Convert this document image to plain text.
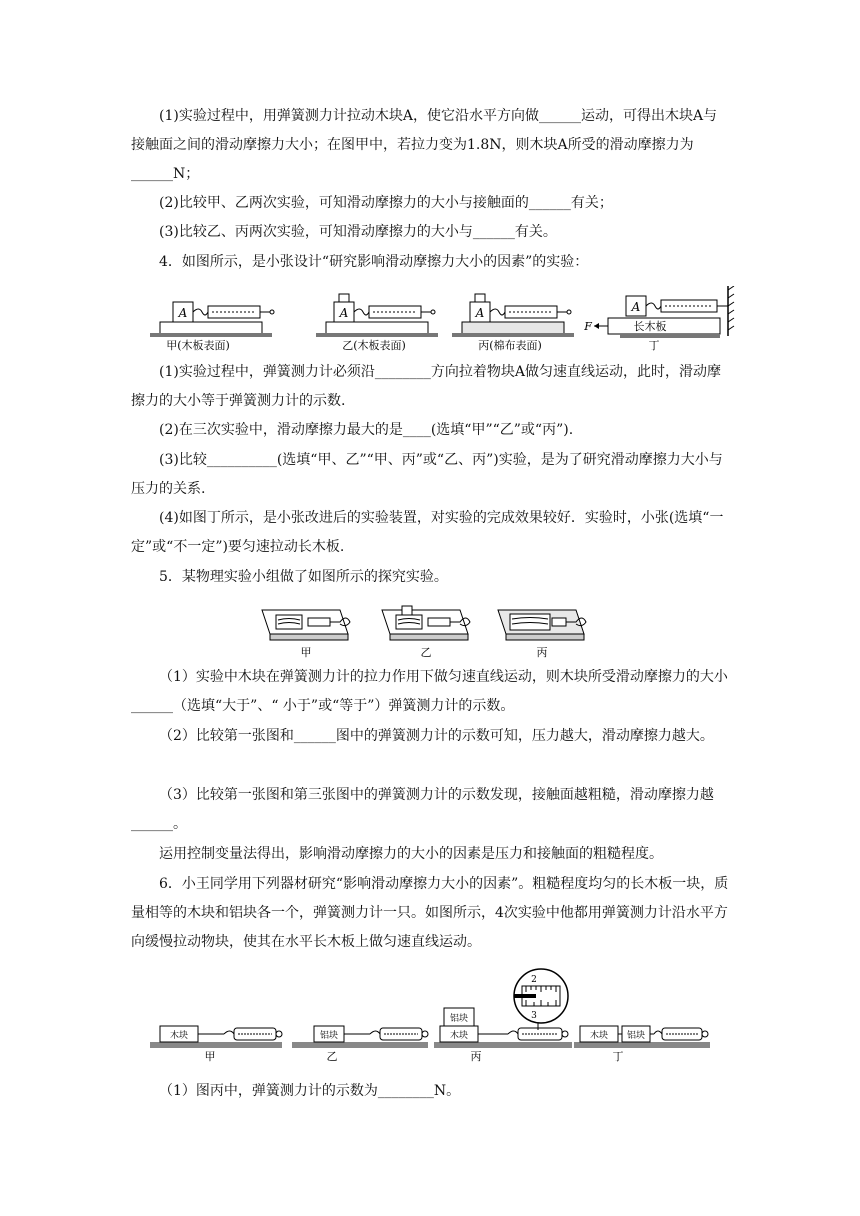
(1)实验过程中，用弹簧测力计拉动木块A，使它沿水平方向做______运动，可得出木块A与接触面之间的滑动摩擦力大小；在图甲中，若拉力变为1.8N，则木块A所受的滑动摩擦力为______N；

(2)比较甲、乙两次实验，可知滑动摩擦力的大小与接触面的______有关；

(3)比较乙、丙两次实验，可知滑动摩擦力的大小与______有关。

4．如图所示，是小张设计“研究影响滑动摩擦力大小的因素”的实验：

A
甲(木板表面)
A
乙(木板表面)
A
丙(棉布表面)
长木板
A
F
丁

(1)实验过程中，弹簧测力计必须沿________方向拉着物块A做匀速直线运动，此时，滑动摩擦力的大小等于弹簧测力计的示数.

(2)在三次实验中，滑动摩擦力最大的是____(选填“甲”“乙”或“丙”).

(3)比较__________(选填“甲、乙”“甲、丙”或“乙、丙”)实验，是为了研究滑动摩擦力大小与压力的关系.

(4)如图丁所示，是小张改进后的实验装置，对实验的完成效果较好．实验时，小张(选填“一定”或“不一定”)要匀速拉动长木板.

5．某物理实验小组做了如图所示的探究实验。

甲	乙	丙

（1）实验中木块在弹簧测力计的拉力作用下做匀速直线运动，则木块所受滑动摩擦力的大小______（选填“大于”、“ 小于”或“等于”）弹簧测力计的示数。

（2）比较第一张图和______图中的弹簧测力计的示数可知，压力越大，滑动摩擦力越大。

（3）比较第一张图和第三张图中的弹簧测力计的示数发现，接触面越粗糙，滑动摩擦力越______。

运用控制变量法得出，影响滑动摩擦力的大小的因素是压力和接触面的粗糙程度。

6．小王同学用下列器材研究“影响滑动摩擦力大小的因素”。粗糙程度均匀的长木板一块，质量相等的木块和铝块各一个，弹簧测力计一只。如图所示，4次实验中他都用弹簧测力计沿水平方向缓慢拉动物块，使其在水平长木板上做匀速直线运动。

木块
甲
铝块
乙
铝块
木块
丙
2
3
木块 铝块
丁

（1）图丙中，弹簧测力计的示数为________N。
